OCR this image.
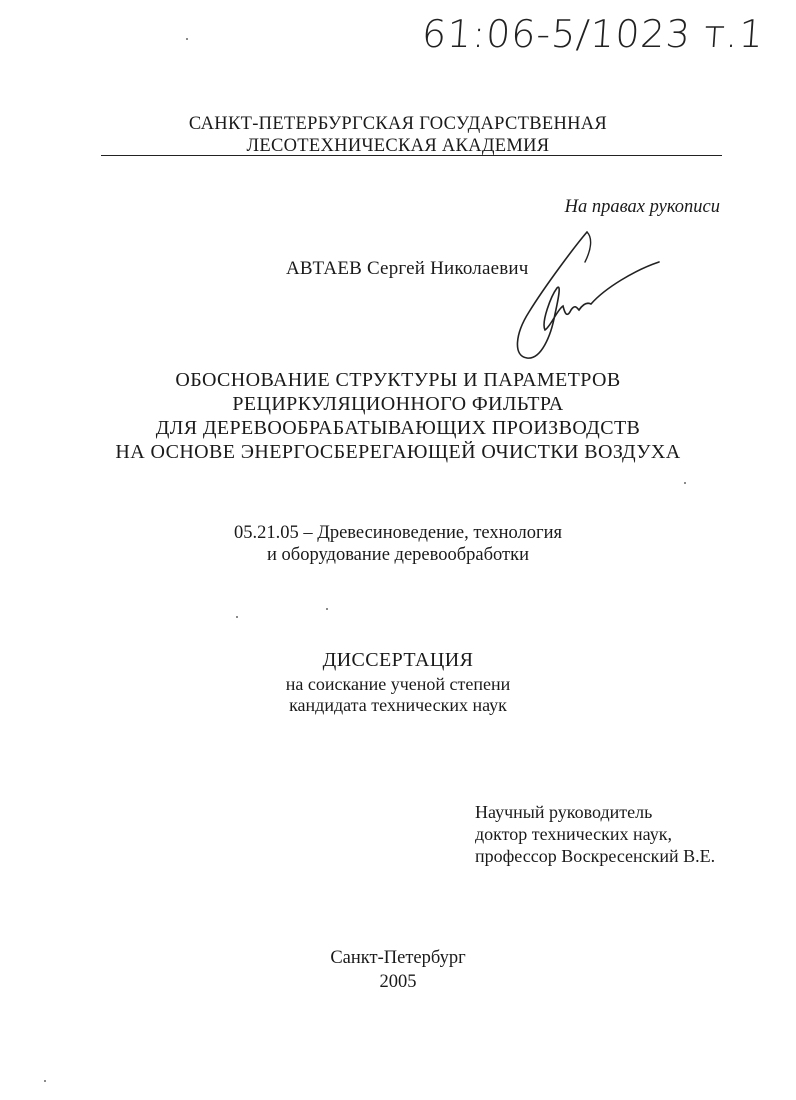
61:06-5/1023 т.1
САНКТ-ПЕТЕРБУРГСКАЯ ГОСУДАРСТВЕННАЯ
ЛЕСОТЕХНИЧЕСКАЯ АКАДЕМИЯ
На правах рукописи
АВТАЕВ Сергей Николаевич
ОБОСНОВАНИЕ СТРУКТУРЫ И ПАРАМЕТРОВ
РЕЦИРКУЛЯЦИОННОГО ФИЛЬТРА
ДЛЯ ДЕРЕВООБРАБАТЫВАЮЩИХ ПРОИЗВОДСТВ
НА ОСНОВЕ ЭНЕРГОСБЕРЕГАЮЩЕЙ ОЧИСТКИ ВОЗДУХА
05.21.05 – Древесиноведение, технология
и оборудование деревообработки
ДИССЕРТАЦИЯ
на соискание ученой степени
кандидата технических наук
Научный руководитель
доктор технических наук,
профессор Воскресенский В.Е.
Санкт-Петербург
2005
